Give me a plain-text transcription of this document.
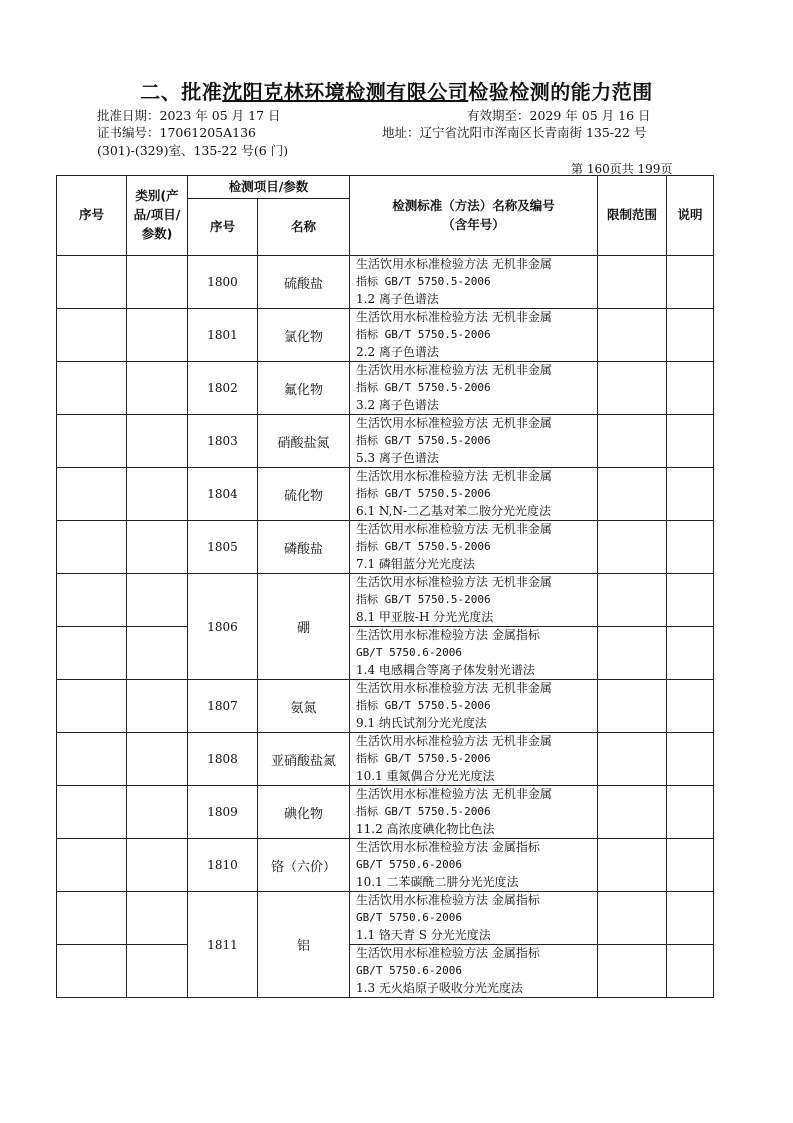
二、批准沈阳克林环境检测有限公司检验检测的能力范围
批准日期：2023 年 05 月 17 日	有效期至：2029 年 05 月 16 日
证书编号：17061205A136	地址：辽宁省沈阳市浑南区长青南街 135-22 号
(301)-(329)室、135-22 号(6 门)
第 160页共 199页
序号	类别(产品/项目/参数)	检测项目/参数		检测标准（方法）名称及编号（含年号）	限制范围	说明
		序号	名称			
		1800	硫酸盐	生活饮用水标准检验方法 无机非金属
指标 GB/T 5750.5-2006
1.2 离子色谱法		

		1801	氯化物	生活饮用水标准检验方法 无机非金属
指标 GB/T 5750.5-2006
2.2 离子色谱法		

		1802	氟化物	生活饮用水标准检验方法 无机非金属
指标 GB/T 5750.5-2006
3.2 离子色谱法		

		1803	硝酸盐氮	生活饮用水标准检验方法 无机非金属
指标 GB/T 5750.5-2006
5.3 离子色谱法		

		1804	硫化物	生活饮用水标准检验方法 无机非金属
指标 GB/T 5750.5-2006
6.1 N,N-二乙基对苯二胺分光光度法		

		1805	磷酸盐	生活饮用水标准检验方法 无机非金属
指标 GB/T 5750.5-2006
7.1 磷钼蓝分光光度法		

		1806	硼	生活饮用水标准检验方法 无机非金属
指标 GB/T 5750.5-2006
8.1 甲亚胺-H 分光光度法		

				生活饮用水标准检验方法 金属指标
GB/T 5750.6-2006
1.4 电感耦合等离子体发射光谱法		

		1807	氨氮	生活饮用水标准检验方法 无机非金属
指标 GB/T 5750.5-2006
9.1 纳氏试剂分光光度法		

		1808	亚硝酸盐氮	生活饮用水标准检验方法 无机非金属
指标 GB/T 5750.5-2006
10.1 重氮偶合分光光度法		

		1809	碘化物	生活饮用水标准检验方法 无机非金属
指标 GB/T 5750.5-2006
11.2 高浓度碘化物比色法		

		1810	铬（六价）	生活饮用水标准检验方法 金属指标
GB/T 5750.6-2006
10.1 二苯碳酰二肼分光光度法		

		1811	铝	生活饮用水标准检验方法 金属指标
GB/T 5750.6-2006
1.1 铬天青 S 分光光度法		

				生活饮用水标准检验方法 金属指标
GB/T 5750.6-2006
1.3 无火焰原子吸收分光光度法		
